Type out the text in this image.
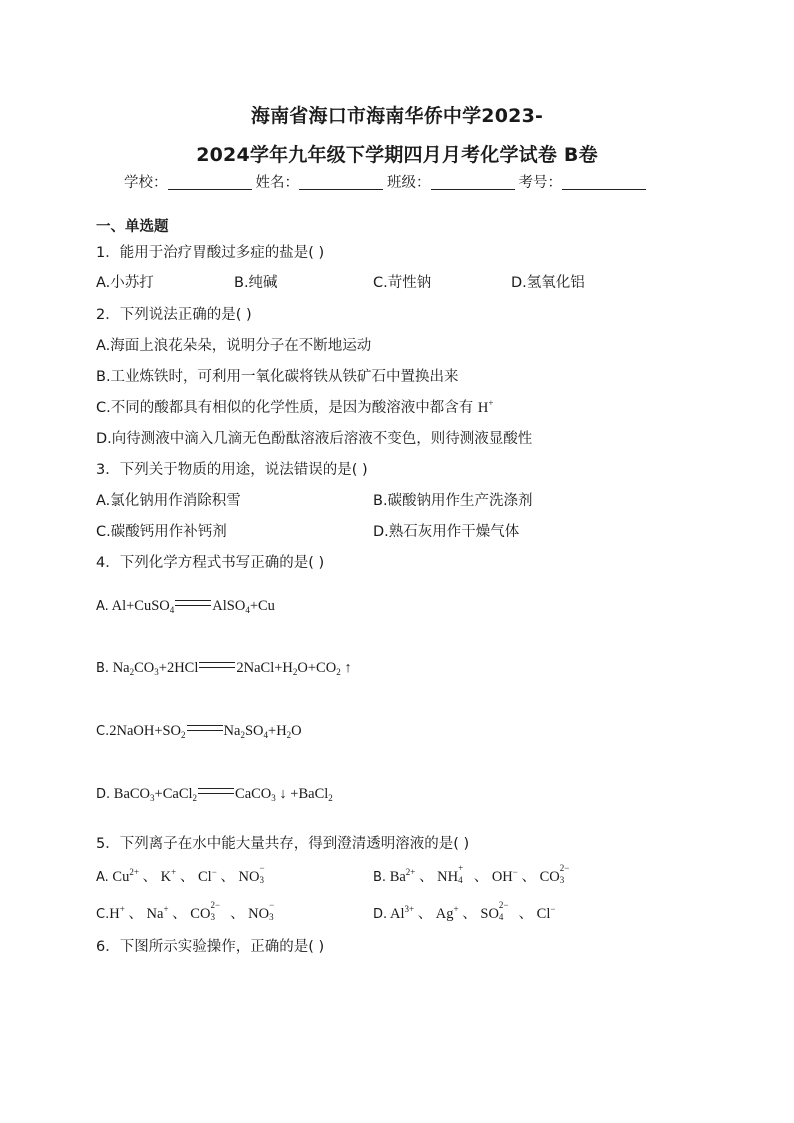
海南省海口市海南华侨中学2023-
2024学年九年级下学期四月月考化学试卷 B卷
学校：	姓名：	班级：	考号：
一、单选题
1．能用于治疗胃酸过多症的盐是( )
A.小苏打	B.纯碱	C.苛性钠	D.氢氧化铝
2．下列说法正确的是( )
A.海面上浪花朵朵，说明分子在不断地运动
B.工业炼铁时，可利用一氧化碳将铁从铁矿石中置换出来
C.不同的酸都具有相似的化学性质，是因为酸溶液中都含有 H+
D.向待测液中滴入几滴无色酚酞溶液后溶液不变色，则待测液显酸性
3．下列关于物质的用途，说法错误的是( )
A.氯化钠用作消除积雪	B.碳酸钠用作生产洗涤剂
C.碳酸钙用作补钙剂	D.熟石灰用作干燥气体
4．下列化学方程式书写正确的是( )
A. Al+CuSO$_4$	AlSO$_4$+Cu
B. $Na_2CO_3+2HCl$	$2NaCl+H_2O+CO_2$ ↑
$C.2NaOH+SO_2$	$Na_2SO_4+H_2O$
D. BaCO$_3$+CaCl$_2$	CaCO$_3$ ↓ +BaCl$_2$
5．下列离子在水中能大量共存，得到澄清透明溶液的是( )
A. $Cu^{2+}$ 、 K+ 、 Cl− 、 NO
−
3	B. $Ba^{2+}$ 、 NH
+
4 、 OH− 、 CO
2−
3
C.H+ 、 Na+ 、 CO
2−
3 、 NO
−
3	D. $Al^{3+}$ 、 Ag+ 、 SO
2−
4 、 Cl−
6．下图所示实验操作，正确的是( )
